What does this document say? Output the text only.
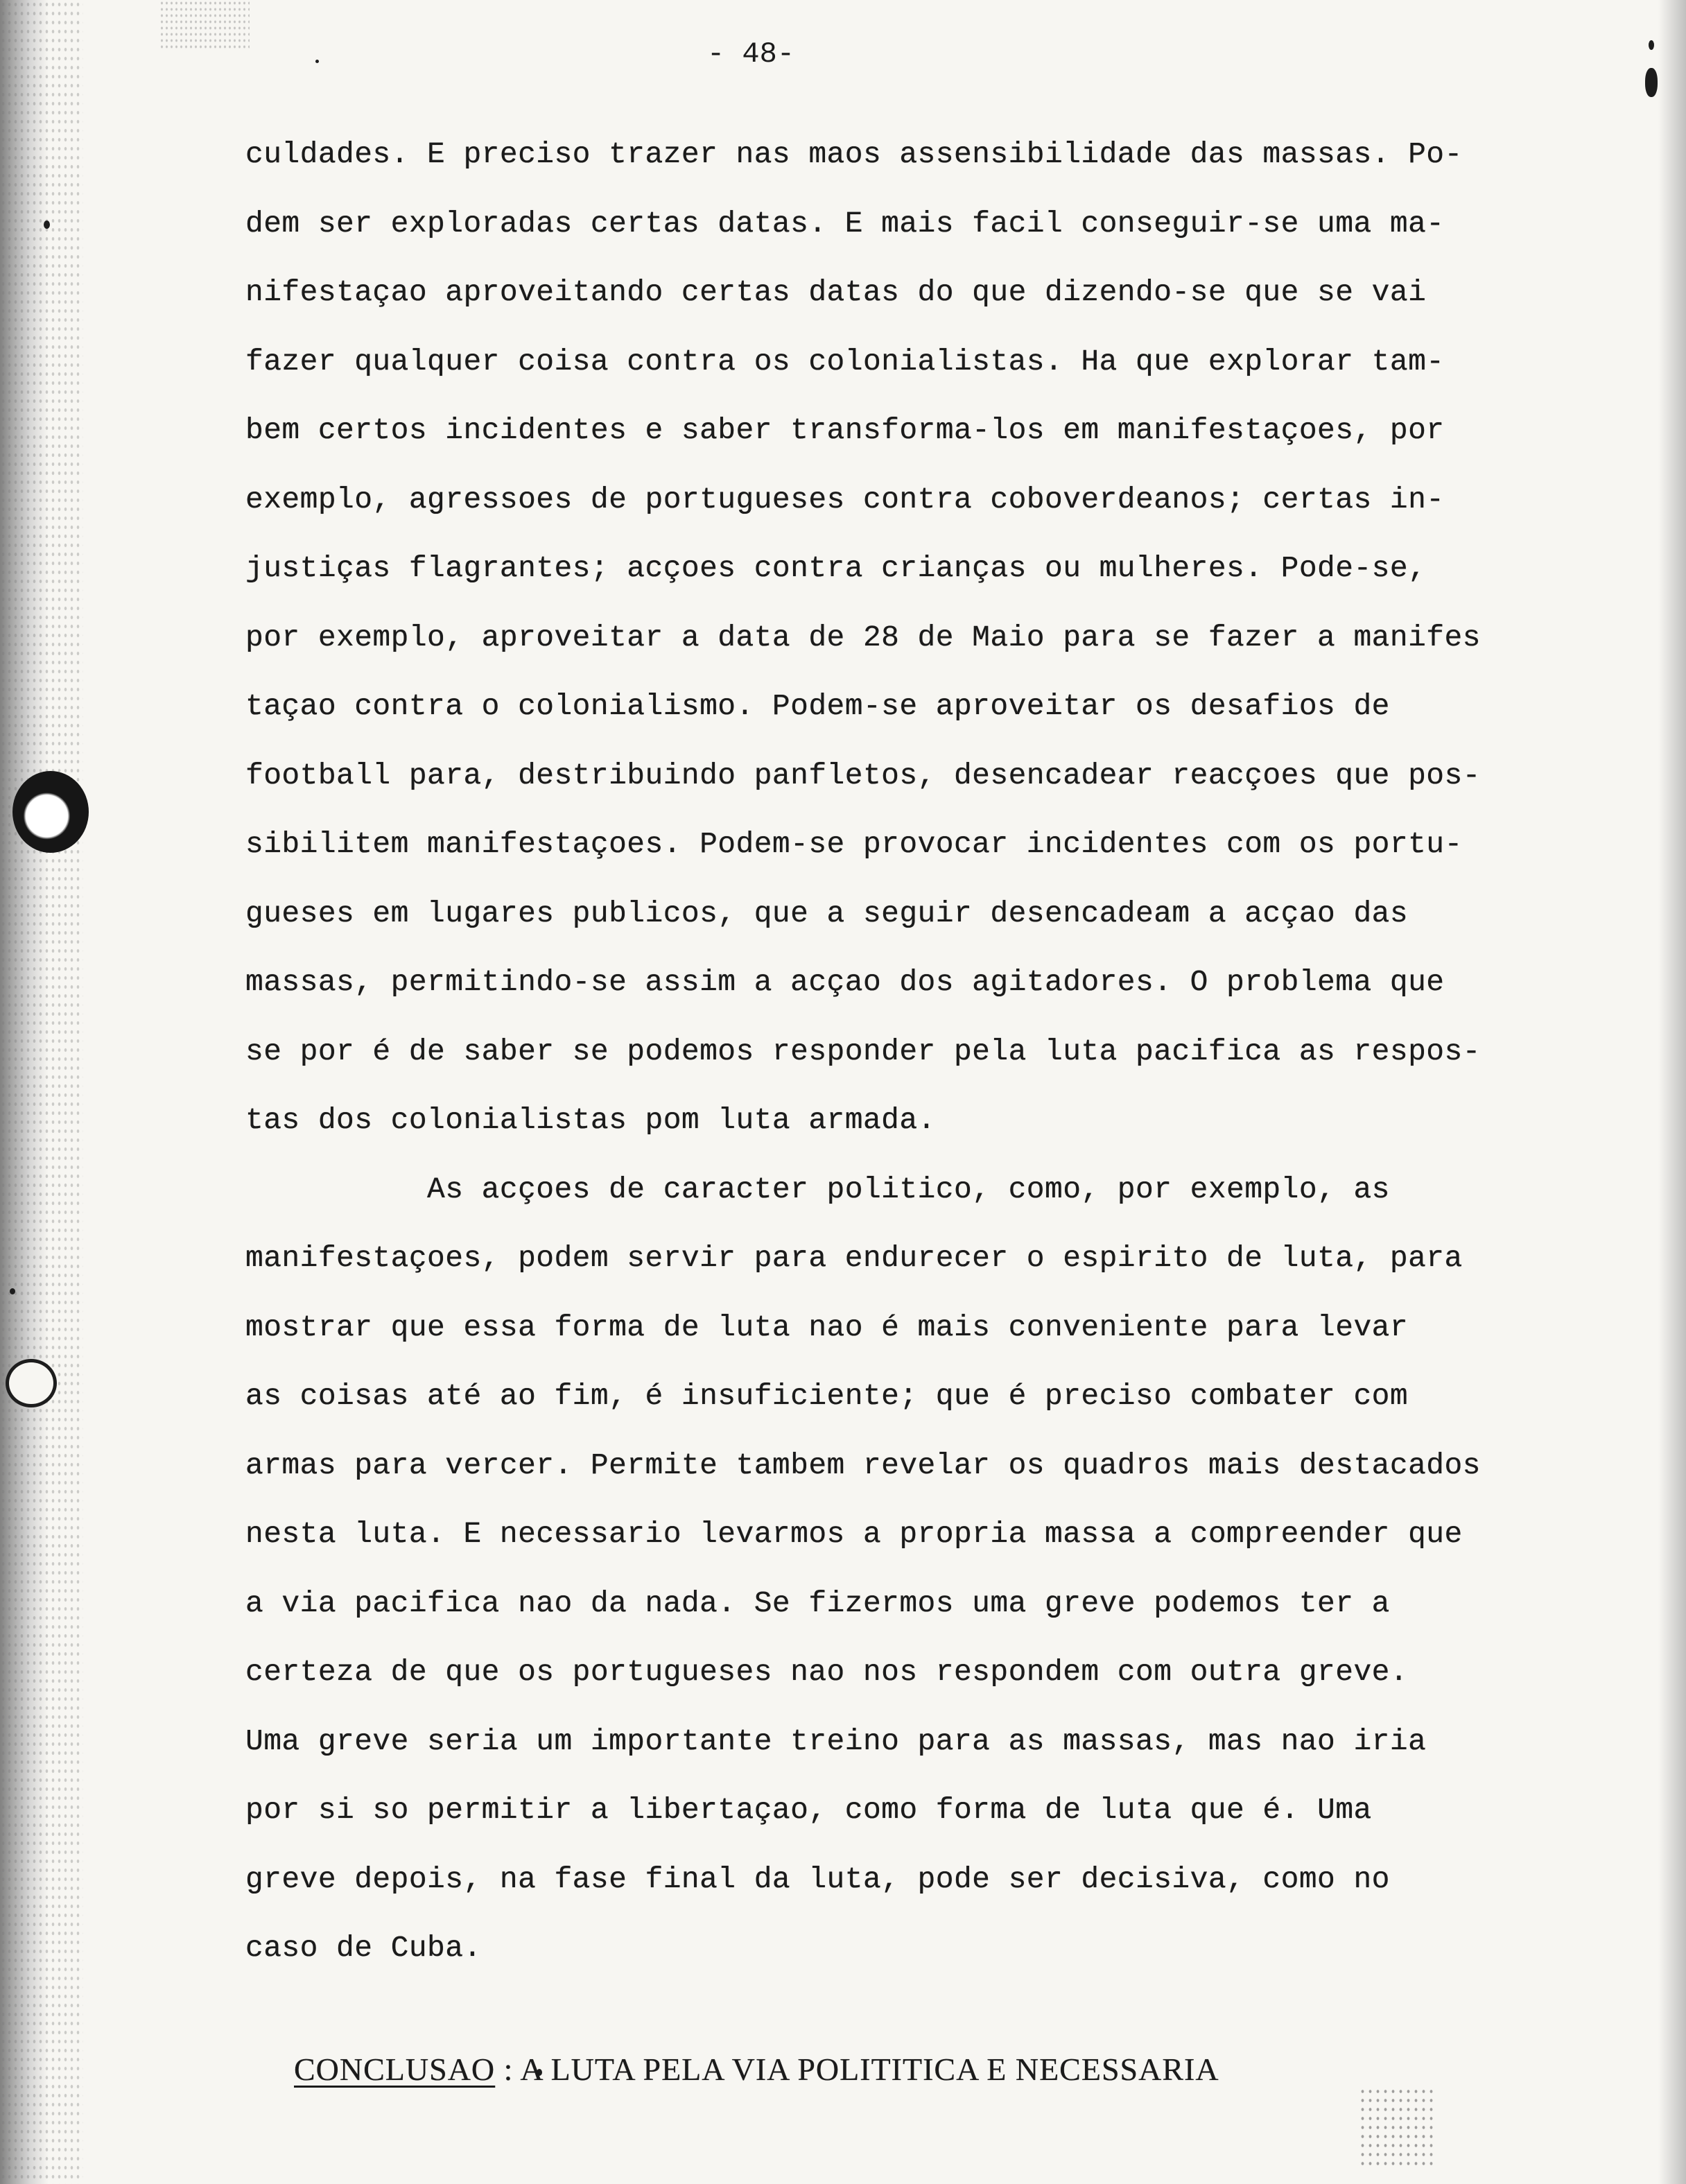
- 48-
culdades. E preciso trazer nas maos assensibilidade das massas. Po-
dem ser exploradas certas datas. E mais facil conseguir-se uma ma-
nifestaçao aproveitando certas datas do que dizendo-se que se vai
fazer qualquer coisa contra os colonialistas. Ha que explorar tam-
bem certos incidentes e saber transforma-los em manifestaçoes, por
exemplo, agressoes de portugueses contra coboverdeanos; certas in-
justiças flagrantes; acçoes contra crianças ou mulheres. Pode-se,
por exemplo, aproveitar a data de 28 de Maio para se fazer a manifes
taçao contra o colonialismo. Podem-se aproveitar os desafios de
football para, destribuindo panfletos, desencadear reacçoes que pos-
sibilitem manifestaçoes. Podem-se provocar incidentes com os portu-
gueses em lugares publicos, que a seguir desencadeam a acçao das
massas, permitindo-se assim a acçao dos agitadores. O problema que
se por é de saber se podemos responder pela luta pacifica as respos-
tas dos colonialistas pom luta armada.
As acçoes de caracter politico, como, por exemplo, as
manifestaçoes, podem servir para endurecer o espirito de luta, para
mostrar que essa forma de luta nao é mais conveniente para levar
as coisas até ao fim, é insuficiente; que é preciso combater com
armas para vercer. Permite tambem revelar os quadros mais destacados
nesta luta. E necessario levarmos a propria massa a compreender que
a via pacifica nao da nada. Se fizermos uma greve podemos ter a
certeza de que os portugueses nao nos respondem com outra greve.
Uma greve seria um importante treino para as massas, mas nao iria
por si so permitir a libertaçao, como forma de luta que é. Uma
greve depois, na fase final da luta, pode ser decisiva, como no
caso de Cuba.

CONCLUSAO : A LUTA PELA VIA POLITITICA E NECESSARIA
